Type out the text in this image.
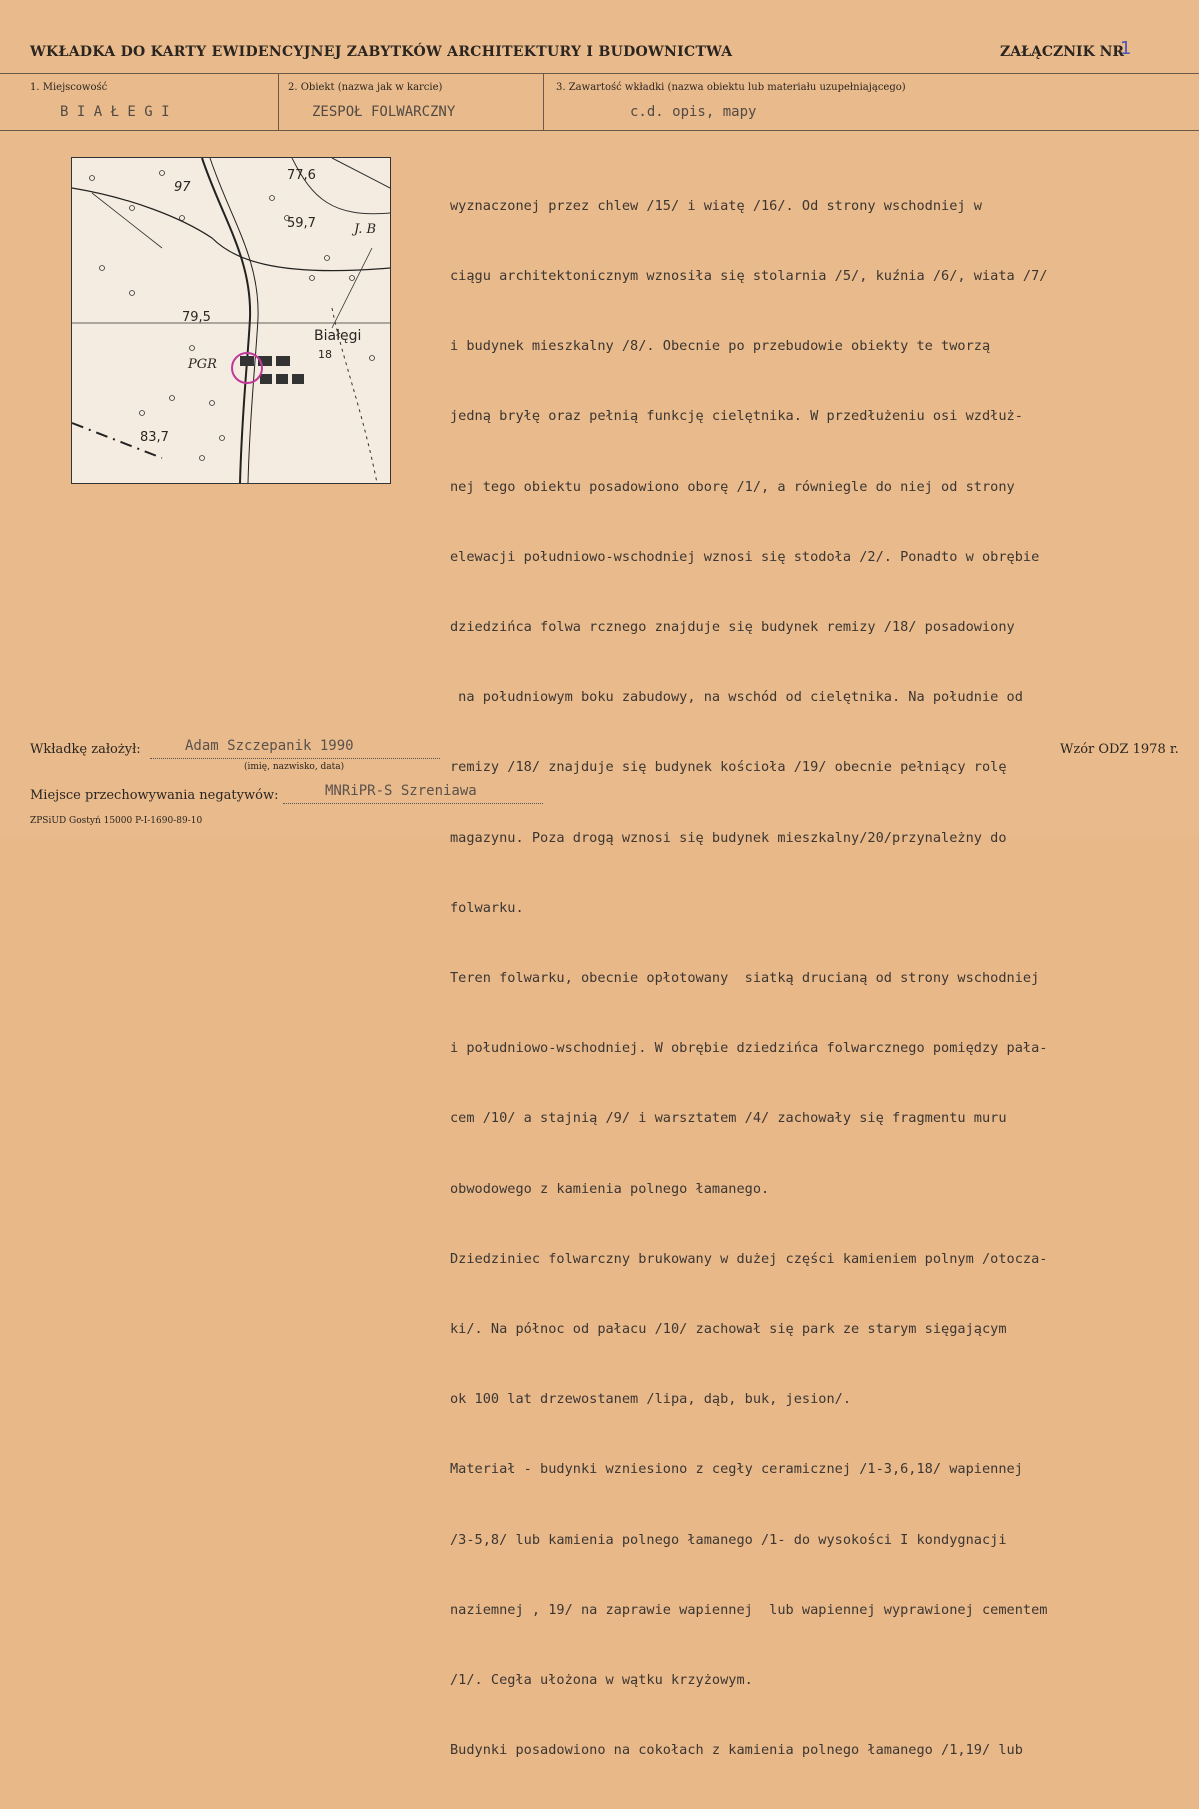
WKŁADKA DO KARTY EWIDENCYJNEJ ZABYTKÓW ARCHITEKTURY I BUDOWNICTWA	ZAŁĄCZNIK NR
1
1. Miejscowość
B I A Ł E G I
2. Obiekt (nazwa jak w karcie)
ZESPOŁ FOLWARCZNY
3. Zawartość wkładki (nazwa obiektu lub materiału uzupełniającego)
c.d. opis, mapy
97
77,6
59,7	J. B
79,5
Białęgi
18
PGR
83,7

wyznaczonej przez chlew /15/ i wiatę /16/. Od strony wschodniej w

ciągu architektonicznym wznosiła się stolarnia /5/, kuźnia /6/, wiata /7/

i budynek mieszkalny /8/. Obecnie po przebudowie obiekty te tworzą

jedną bryłę oraz pełnią funkcję cielętnika. W przedłużeniu osi wzdłuż-

nej tego obiektu posadowiono oborę /1/, a równiegle do niej od strony

elewacji południowo-wschodniej wznosi się stodoła /2/. Ponadto w obrębie

dziedzińca folwa rcznego znajduje się budynek remizy /18/ posadowiony

na południowym boku zabudowy, na wschód od cielętnika. Na południe od

remizy /18/ znajduje się budynek kościoła /19/ obecnie pełniący rolę

magazynu. Poza drogą wznosi się budynek mieszkalny/20/przynależny do

folwarku.

Teren folwarku, obecnie opłotowany  siatką drucianą od strony wschodniej

i południowo-wschodniej. W obrębie dziedzińca folwarcznego pomiędzy pała-

cem /10/ a stajnią /9/ i warsztatem /4/ zachowały się fragmentu muru

obwodowego z kamienia polnego łamanego.

Dziedziniec folwarczny brukowany w dużej części kamieniem polnym /otoczа-

ki/. Na północ od pałacu /10/ zachował się park ze starym sięgającym

ok 100 lat drzewostanem /lipa, dąb, buk, jesion/.

Materiał - budynki wzniesiono z cegły ceramicznej /1-3,6,18/ wapiennej

/3-5,8/ lub kamienia polnego łamanego /1- do wysokości I kondygnacji

naziemnej , 19/ na zaprawie wapiennej  lub wapiennej wyprawionej cementem

/1/. Cegła ułożona w wątku krzyżowym.

Budynki posadowiono na cokołach z kamienia polnego łamanego /1,19/ lub

Wkładkę założył:	Adam Szczepanik 1990
(imię, nazwisko, data)
Wzór ODZ 1978 r.
Miejsce przechowywania negatywów:	MNRiPR-S Szreniawa
ZPSiUD Gostyń 15000 P-I-1690-89-10
